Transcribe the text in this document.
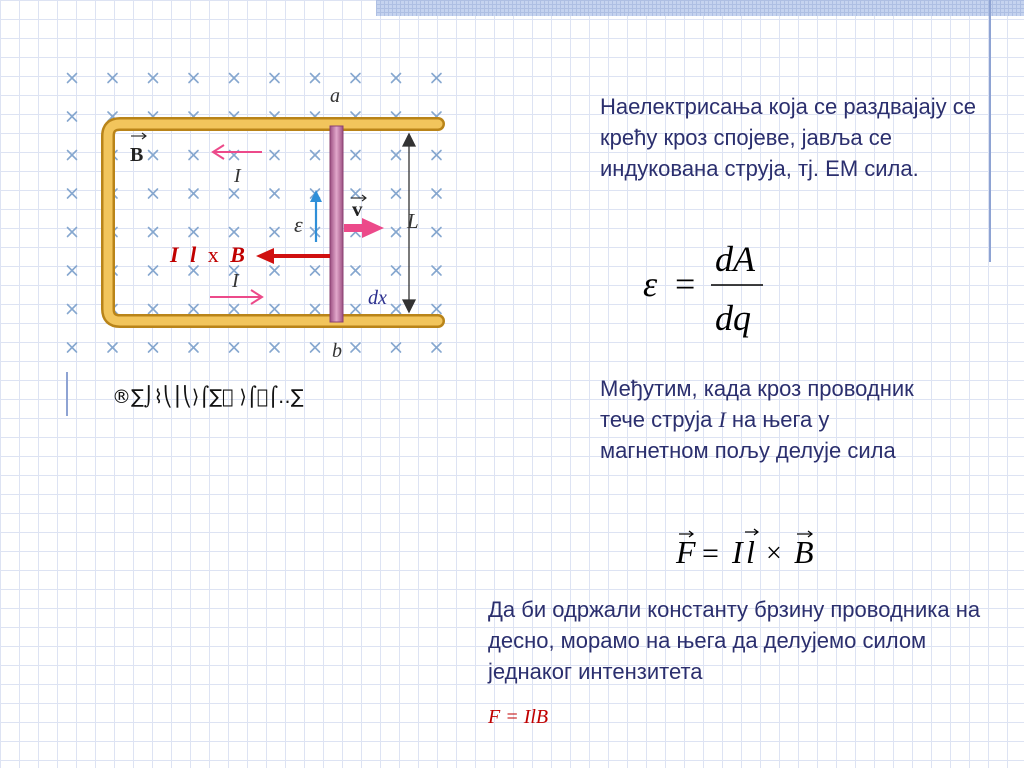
a
b
B
I
I
ε
v L
dx
I l x B
®∑⌡⌇⎝⎮⎝⟩⌠∑⃞ ⟩⌠⃞⌠‥∑
Наелектрисања која се раздвајају се крећу кроз спојеве, јавља се индукована струја, тј. ЕМ сила.
ε =
dA
dq
Међутим, када кроз проводник тече струја I на њега у магнетном пољу делује сила
F = I l × B
Да би одржали константу брзину проводника на десно, морамо на њега да делујемо силом једнаког интензитета
F = IlB
